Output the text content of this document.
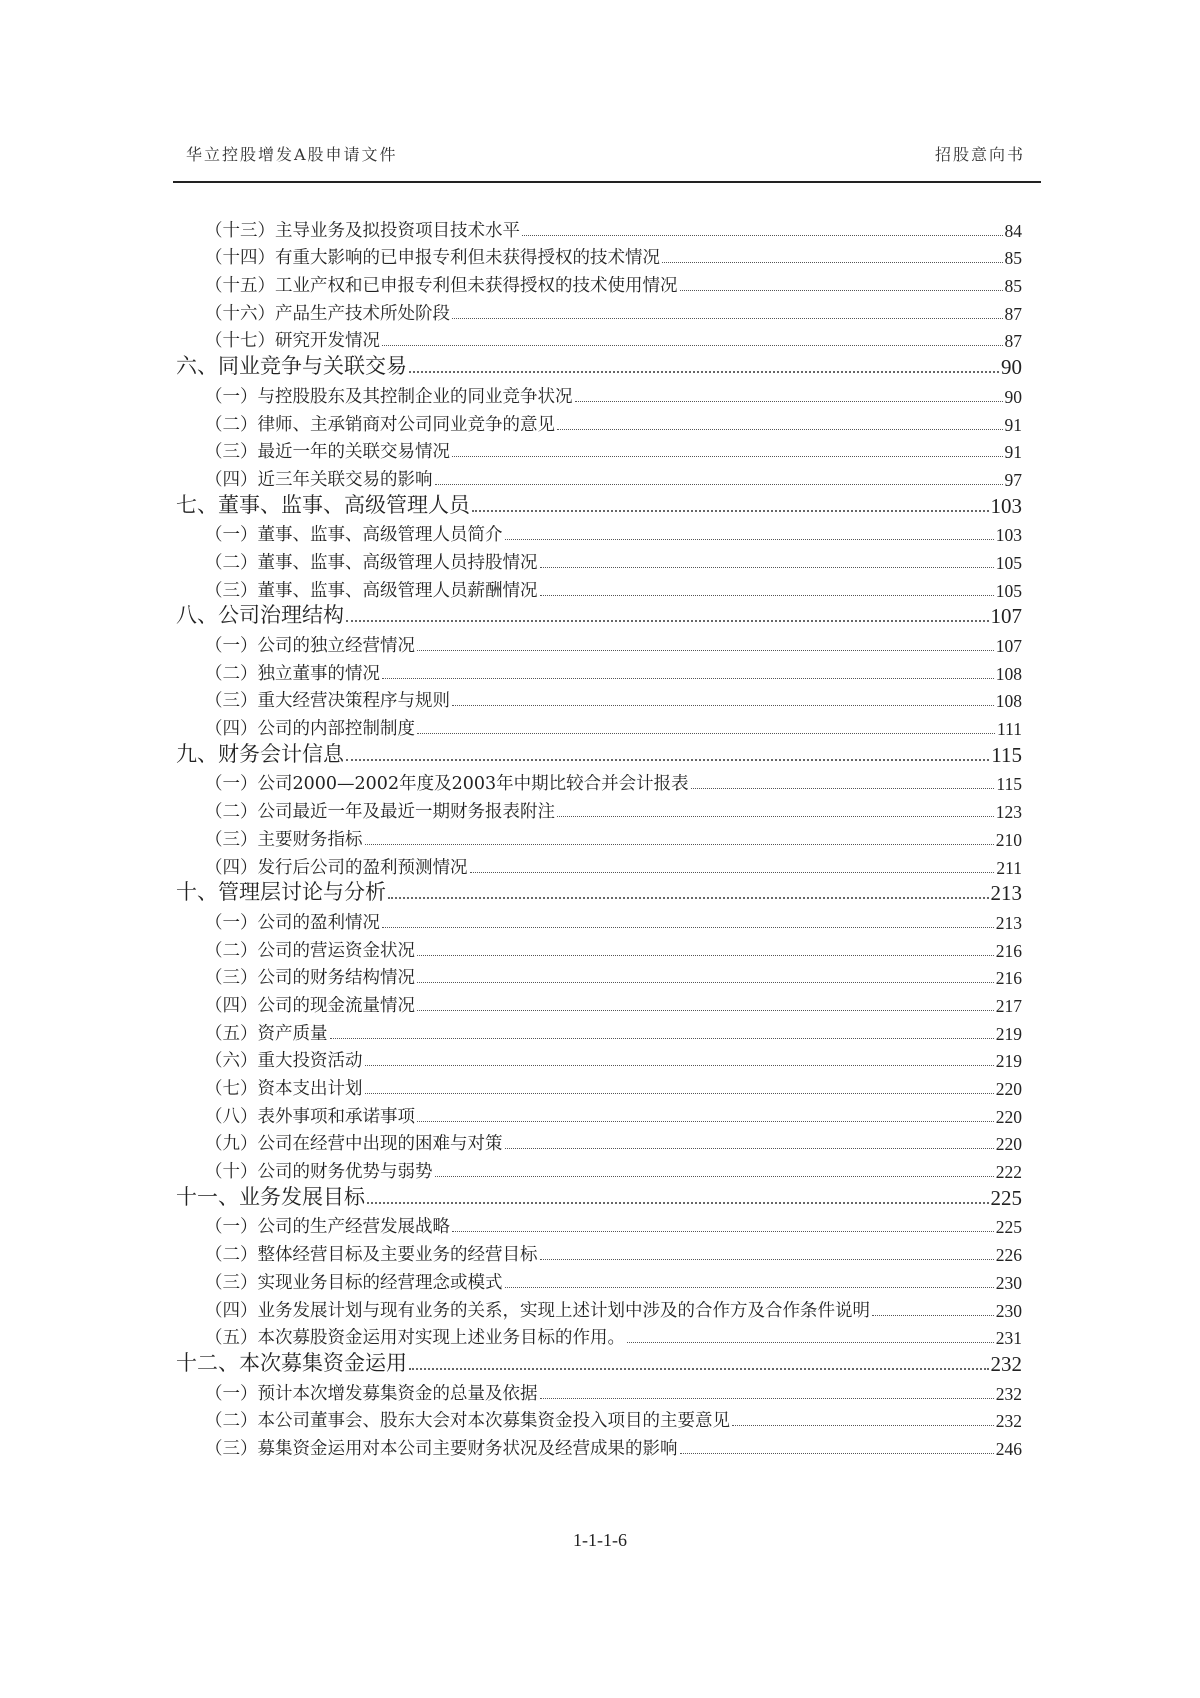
华立控股增发A股申请文件	招股意向书
（十三）主导业务及拟投资项目技术水平	84
（十四）有重大影响的已申报专利但未获得授权的技术情况	85
（十五）工业产权和已申报专利但未获得授权的技术使用情况	85
（十六）产品生产技术所处阶段	87
（十七）研究开发情况	87
六、同业竞争与关联交易	90
（一）与控股股东及其控制企业的同业竞争状况	90
（二）律师、主承销商对公司同业竞争的意见	91
（三）最近一年的关联交易情况	91
（四）近三年关联交易的影响	97
七、董事、监事、高级管理人员	103
（一）董事、监事、高级管理人员简介	103
（二）董事、监事、高级管理人员持股情况	105
（三）董事、监事、高级管理人员薪酬情况	105
八、公司治理结构	107
（一）公司的独立经营情况	107
（二）独立董事的情况	108
（三）重大经营决策程序与规则	108
（四）公司的内部控制制度	111
九、财务会计信息	115
（一）公司2000—2002年度及2003年中期比较合并会计报表	115
（二）公司最近一年及最近一期财务报表附注	123
（三）主要财务指标	210
（四）发行后公司的盈利预测情况	211
十、管理层讨论与分析	213
（一）公司的盈利情况	213
（二）公司的营运资金状况	216
（三）公司的财务结构情况	216
（四）公司的现金流量情况	217
（五）资产质量	219
（六）重大投资活动	219
（七）资本支出计划	220
（八）表外事项和承诺事项	220
（九）公司在经营中出现的困难与对策	220
（十）公司的财务优势与弱势	222
十一、业务发展目标	225
（一）公司的生产经营发展战略	225
（二）整体经营目标及主要业务的经营目标	226
（三）实现业务目标的经营理念或模式	230
（四）业务发展计划与现有业务的关系，实现上述计划中涉及的合作方及合作条件说明	230
（五）本次募股资金运用对实现上述业务目标的作用。	231
十二、本次募集资金运用	232
（一）预计本次增发募集资金的总量及依据	232
（二）本公司董事会、股东大会对本次募集资金投入项目的主要意见	232
（三）募集资金运用对本公司主要财务状况及经营成果的影响	246
1-1-1-6
